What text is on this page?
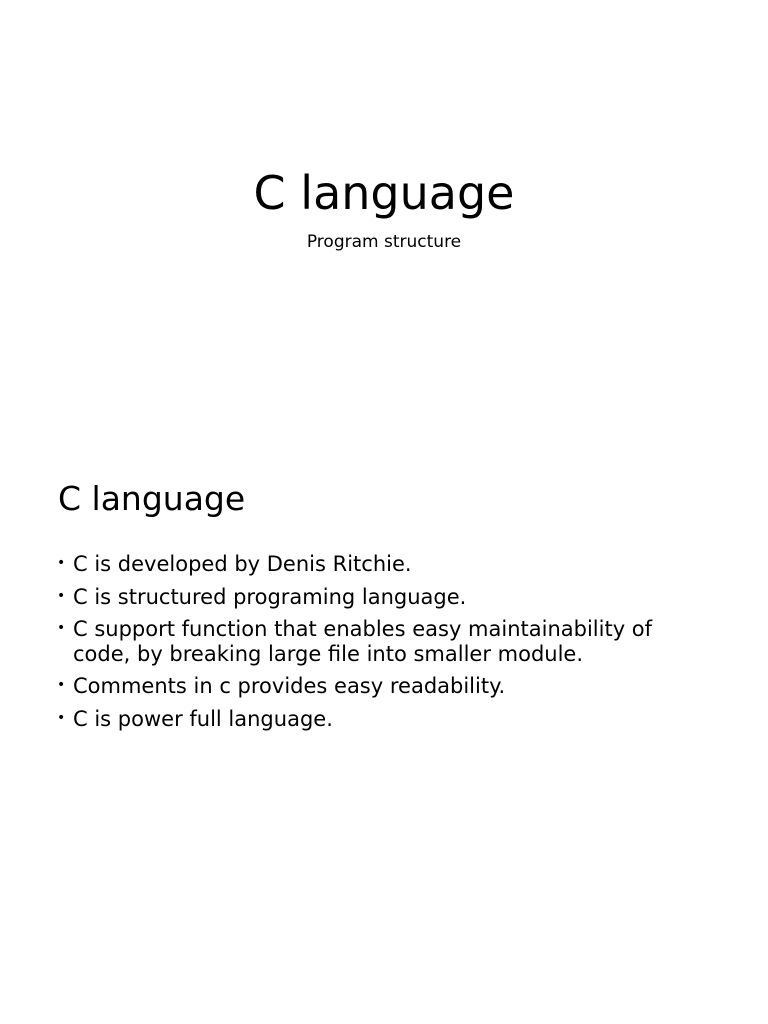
C language

Program structure

C language
• C is developed by Denis Ritchie.
• C is structured programing language.
• C support function that enables easy maintainability of code, by breaking large file into smaller module.
• Comments in c provides easy readability.
• C is power full language.
